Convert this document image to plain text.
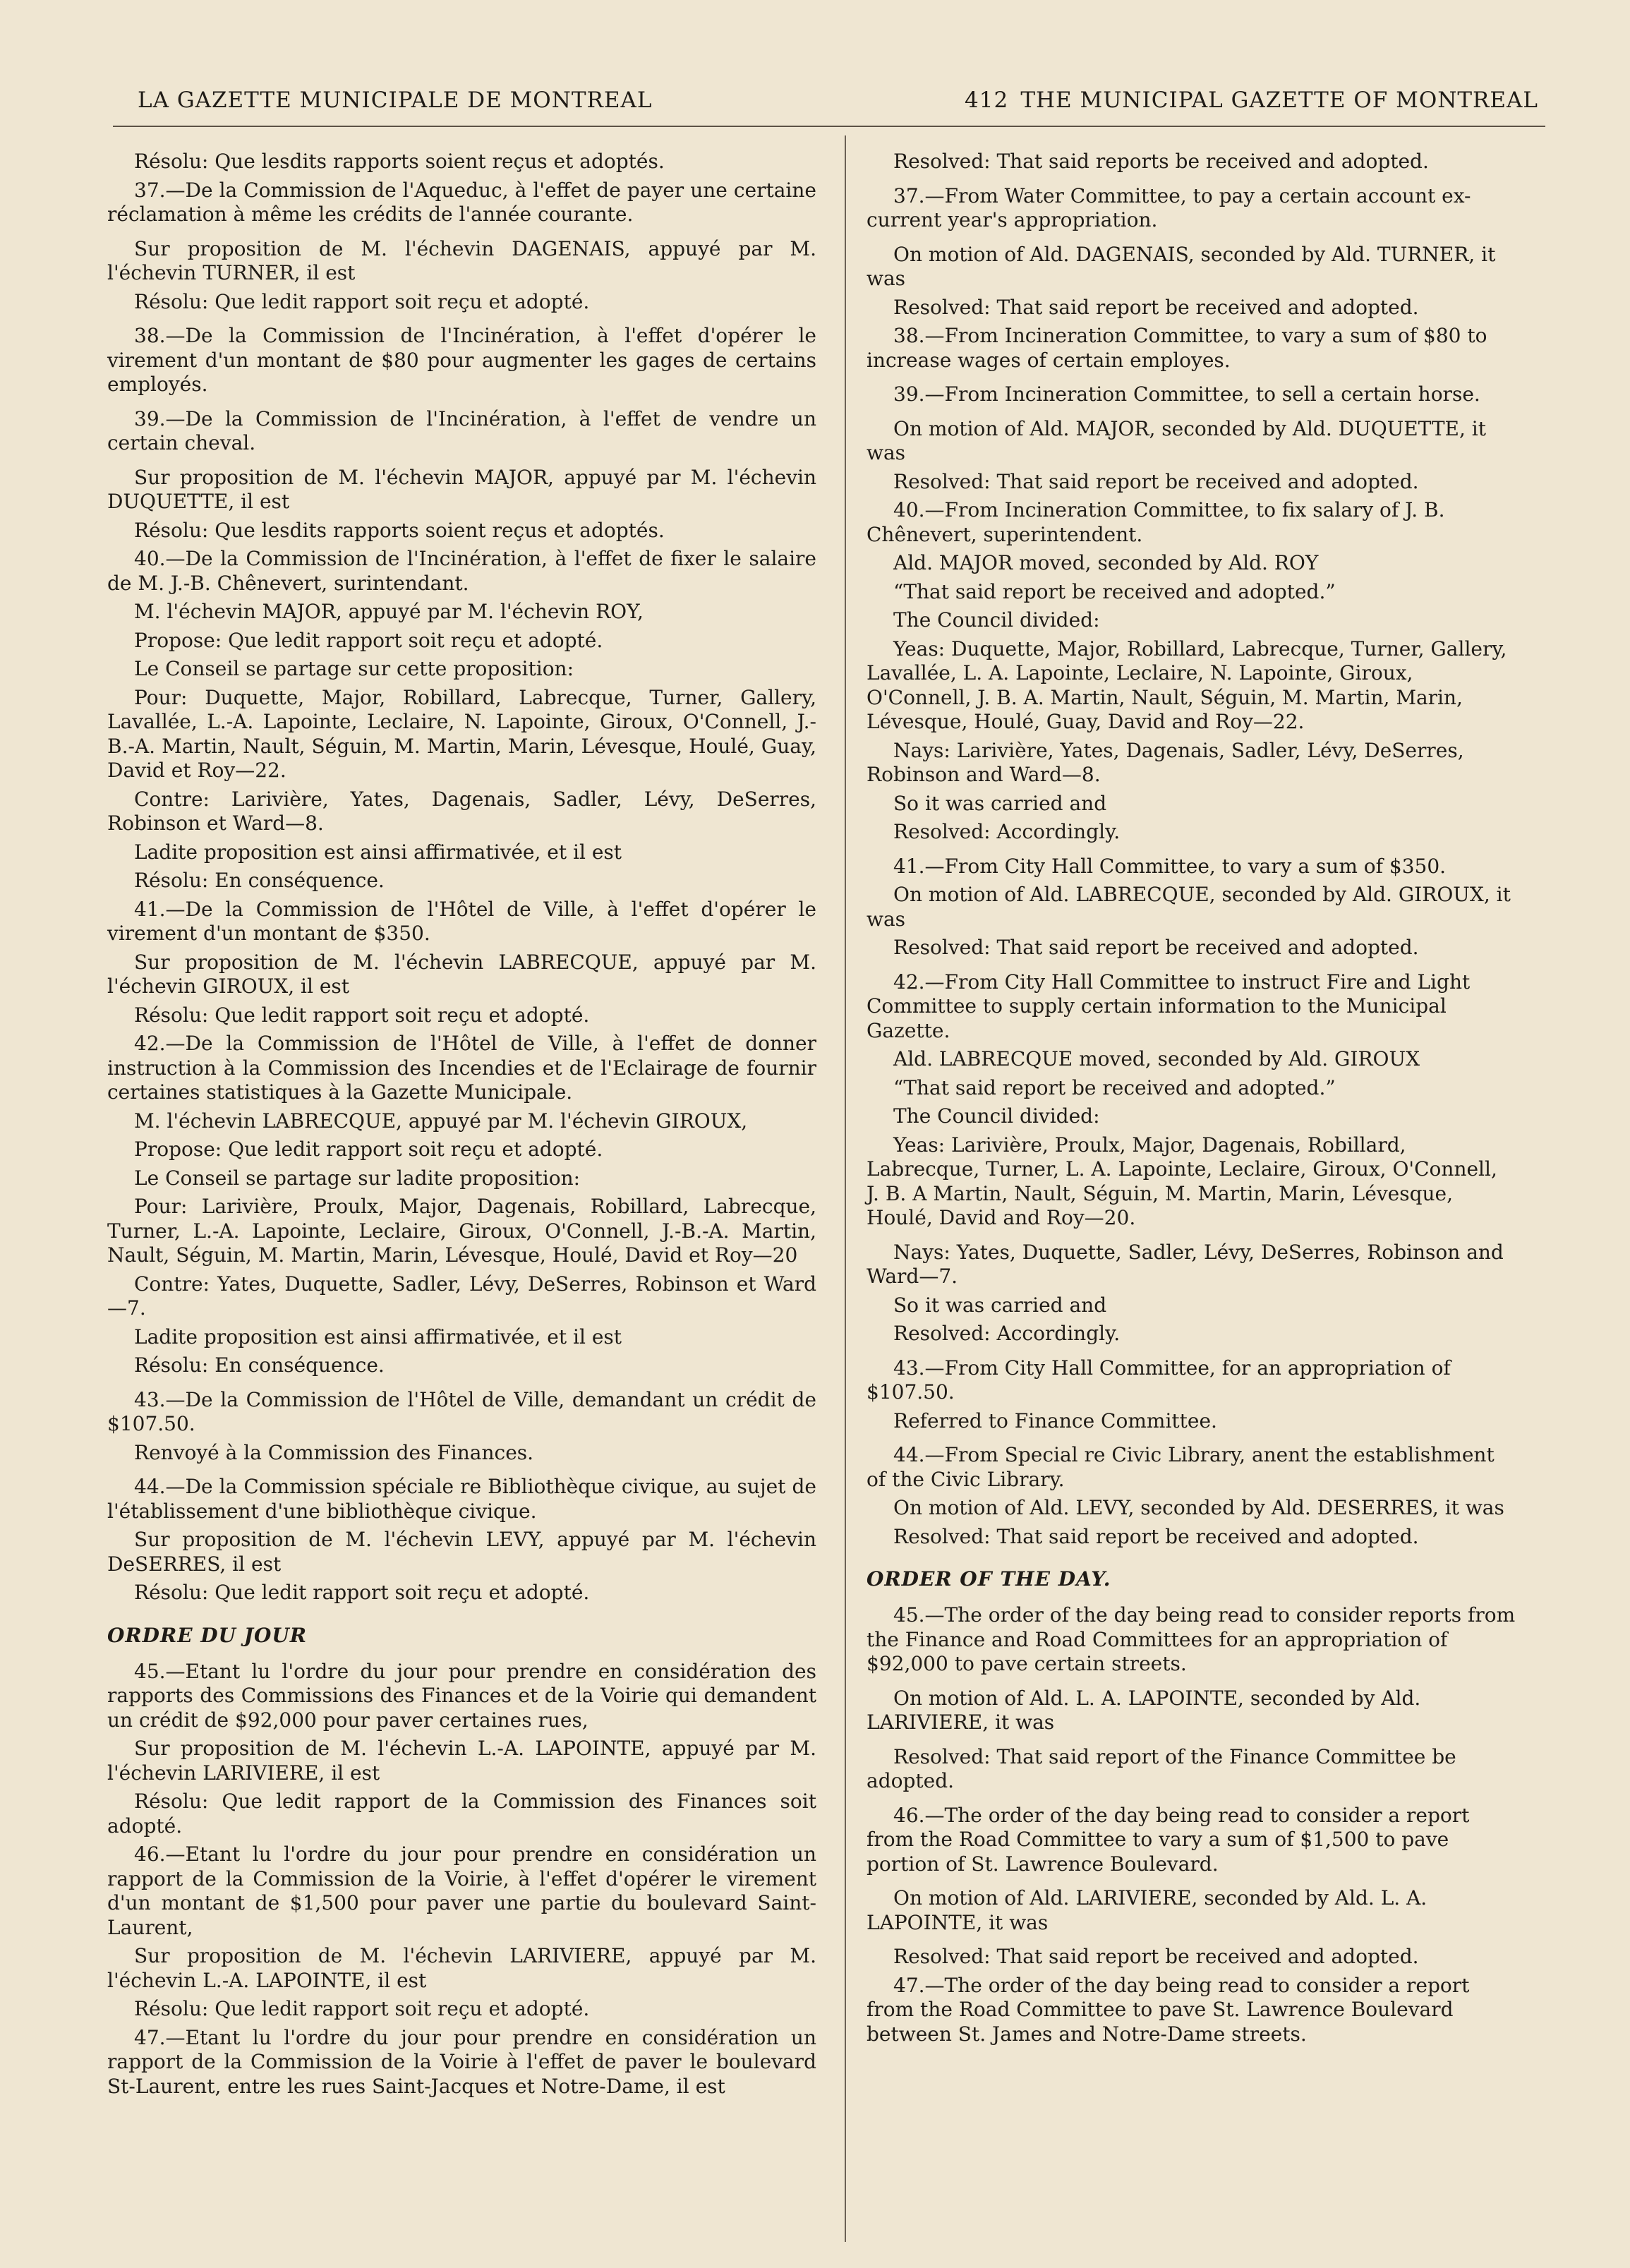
LA GAZETTE MUNICIPALE DE MONTREAL	412 THE MUNICIPAL GAZETTE OF MONTREAL

Résolu: Que lesdits rapports soient reçus et adoptés.

37.—De la Commission de l'Aqueduc, à l'effet de payer une certaine réclamation à même les crédits de l'année courante.

Sur proposition de M. l'échevin DAGENAIS, appuyé par M. l'échevin TURNER, il est

Résolu: Que ledit rapport soit reçu et adopté.

38.—De la Commission de l'Incinération, à l'effet d'opérer le virement d'un montant de $80 pour augmenter les gages de certains employés.

39.—De la Commission de l'Incinération, à l'effet de vendre un certain cheval.

Sur proposition de M. l'échevin MAJOR, appuyé par M. l'échevin DUQUETTE, il est

Résolu: Que lesdits rapports soient reçus et adoptés.

40.—De la Commission de l'Incinération, à l'effet de fixer le salaire de M. J.-B. Chênevert, surintendant.

M. l'échevin MAJOR, appuyé par M. l'échevin ROY,

Propose: Que ledit rapport soit reçu et adopté.

Le Conseil se partage sur cette proposition:

Pour: Duquette, Major, Robillard, Labrecque, Turner, Gallery, Lavallée, L.-A. Lapointe, Leclaire, N. Lapointe, Giroux, O'Connell, J.-B.-A. Martin, Nault, Séguin, M. Martin, Marin, Lévesque, Houlé, Guay, David et Roy—22.

Contre: Larivière, Yates, Dagenais, Sadler, Lévy, DeSerres, Robinson et Ward—8.

Ladite proposition est ainsi affirmativée, et il est

Résolu: En conséquence.

41.—De la Commission de l'Hôtel de Ville, à l'effet d'opérer le virement d'un montant de $350.

Sur proposition de M. l'échevin LABRECQUE, appuyé par M. l'échevin GIROUX, il est

Résolu: Que ledit rapport soit reçu et adopté.

42.—De la Commission de l'Hôtel de Ville, à l'effet de donner instruction à la Commission des Incendies et de l'Eclairage de fournir certaines statistiques à la Gazette Municipale.

M. l'échevin LABRECQUE, appuyé par M. l'échevin GIROUX,

Propose: Que ledit rapport soit reçu et adopté.

Le Conseil se partage sur ladite proposition:

Pour: Larivière, Proulx, Major, Dagenais, Robillard, Labrecque, Turner, L.-A. Lapointe, Leclaire, Giroux, O'Connell, J.-B.-A. Martin, Nault, Séguin, M. Martin, Marin, Lévesque, Houlé, David et Roy—20

Contre: Yates, Duquette, Sadler, Lévy, DeSerres, Robinson et Ward—7.

Ladite proposition est ainsi affirmativée, et il est

Résolu: En conséquence.

43.—De la Commission de l'Hôtel de Ville, demandant un crédit de $107.50.

Renvoyé à la Commission des Finances.

44.—De la Commission spéciale re Bibliothèque civique, au sujet de l'établissement d'une bibliothèque civique.

Sur proposition de M. l'échevin LEVY, appuyé par M. l'échevin DeSERRES, il est

Résolu: Que ledit rapport soit reçu et adopté.

ORDRE DU JOUR

45.—Etant lu l'ordre du jour pour prendre en considération des rapports des Commissions des Finances et de la Voirie qui demandent un crédit de $92,000 pour paver certaines rues,

Sur proposition de M. l'échevin L.-A. LAPOINTE, appuyé par M. l'échevin LARIVIERE, il est

Résolu: Que ledit rapport de la Commission des Finances soit adopté.

46.—Etant lu l'ordre du jour pour prendre en considération un rapport de la Commission de la Voirie, à l'effet d'opérer le virement d'un montant de $1,500 pour paver une partie du boulevard Saint-Laurent,

Sur proposition de M. l'échevin LARIVIERE, appuyé par M. l'échevin L.-A. LAPOINTE, il est

Résolu: Que ledit rapport soit reçu et adopté.

47.—Etant lu l'ordre du jour pour prendre en considération un rapport de la Commission de la Voirie à l'effet de paver le boulevard St-Laurent, entre les rues Saint-Jacques et Notre-Dame, il est

Resolved: That said reports be received and adopted.

37.—From Water Committee, to pay a certain account ex-current year's appropriation.

On motion of Ald. DAGENAIS, seconded by Ald. TURNER, it was

Resolved: That said report be received and adopted.

38.—From Incineration Committee, to vary a sum of $80 to increase wages of certain employes.

39.—From Incineration Committee, to sell a certain horse.

On motion of Ald. MAJOR, seconded by Ald. DUQUETTE, it was

Resolved: That said report be received and adopted.

40.—From Incineration Committee, to fix salary of J. B. Chênevert, superintendent.

Ald. MAJOR moved, seconded by Ald. ROY

“That said report be received and adopted.”

The Council divided:

Yeas: Duquette, Major, Robillard, Labrecque, Turner, Gallery, Lavallée, L. A. Lapointe, Leclaire, N. Lapointe, Giroux, O'Connell, J. B. A. Martin, Nault, Séguin, M. Martin, Marin, Lévesque, Houlé, Guay, David and Roy—22.

Nays: Larivière, Yates, Dagenais, Sadler, Lévy, DeSerres, Robinson and Ward—8.

So it was carried and

Resolved: Accordingly.

41.—From City Hall Committee, to vary a sum of $350.

On motion of Ald. LABRECQUE, seconded by Ald. GIROUX, it was

Resolved: That said report be received and adopted.

42.—From City Hall Committee to instruct Fire and Light Committee to supply certain information to the Municipal Gazette.

Ald. LABRECQUE moved, seconded by Ald. GIROUX

“That said report be received and adopted.”

The Council divided:

Yeas: Larivière, Proulx, Major, Dagenais, Robillard, Labrecque, Turner, L. A. Lapointe, Leclaire, Giroux, O'Connell, J. B. A Martin, Nault, Séguin, M. Martin, Marin, Lévesque, Houlé, David and Roy—20.

Nays: Yates, Duquette, Sadler, Lévy, DeSerres, Robinson and Ward—7.

So it was carried and

Resolved: Accordingly.

43.—From City Hall Committee, for an appropriation of $107.50.

Referred to Finance Committee.

44.—From Special re Civic Library, anent the establishment of the Civic Library.

On motion of Ald. LEVY, seconded by Ald. DESERRES, it was

Resolved: That said report be received and adopted.

ORDER OF THE DAY.

45.—The order of the day being read to consider reports from the Finance and Road Committees for an appropriation of $92,000 to pave certain streets.

On motion of Ald. L. A. LAPOINTE, seconded by Ald. LARIVIERE, it was

Resolved: That said report of the Finance Committee be adopted.

46.—The order of the day being read to consider a report from the Road Committee to vary a sum of $1,500 to pave portion of St. Lawrence Boulevard.

On motion of Ald. LARIVIERE, seconded by Ald. L. A. LAPOINTE, it was

Resolved: That said report be received and adopted.

47.—The order of the day being read to consider a report from the Road Committee to pave St. Lawrence Boulevard between St. James and Notre-Dame streets.
